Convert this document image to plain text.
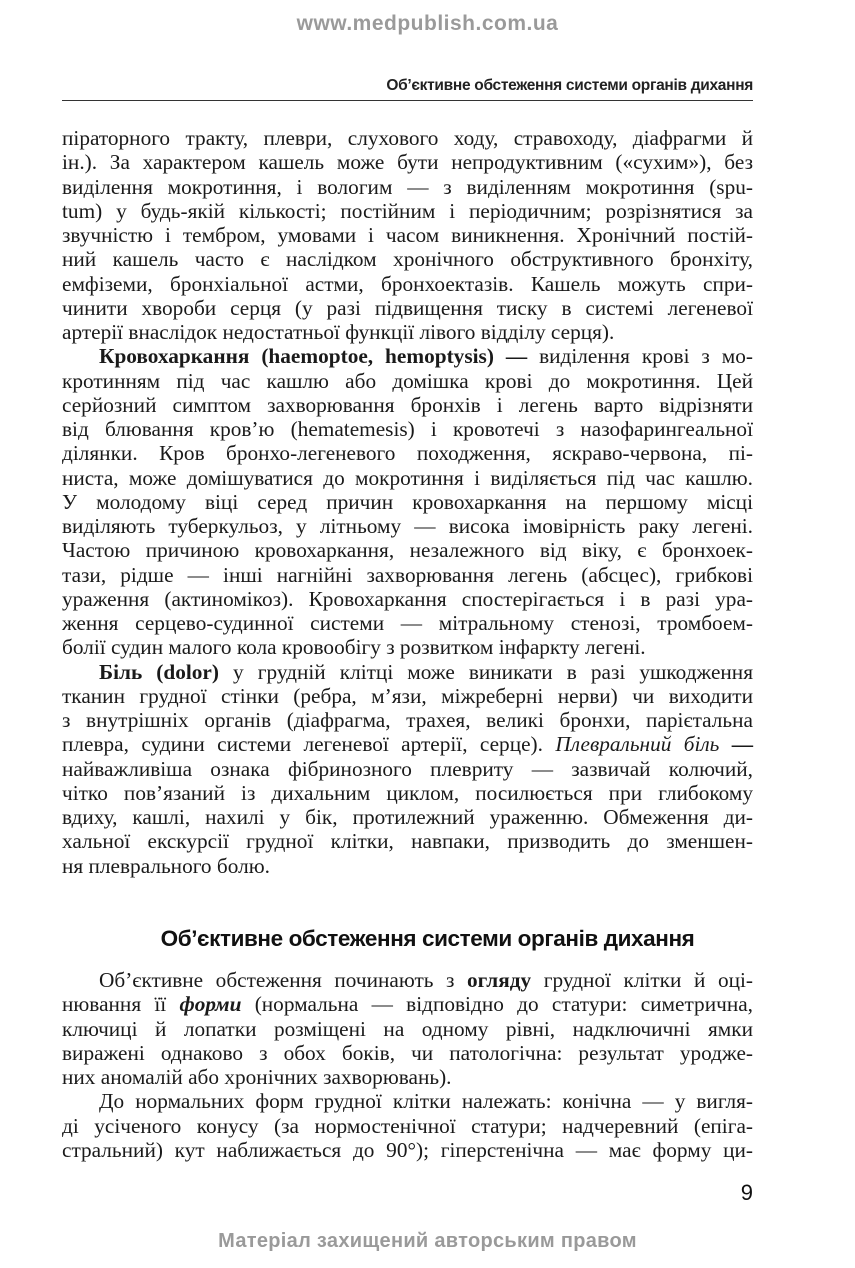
www.medpublish.com.ua
Об’єктивне обстеження системи органів дихання

піраторного тракту, плеври, слухового ходу, стравоходу, діафрагми й
ін.). За характером кашель може бути непродуктивним («сухим»), без
виділення мокротиння, і вологим — з виділенням мокротиння (spu-
tum) у будь-якій кількості; постійним і періодичним; розрізнятися за
звучністю і тембром, умовами і часом виникнення. Хронічний постій-
ний кашель часто є наслідком хронічного обструктивного бронхіту,
емфіземи, бронхіальної астми, бронхоектазів. Кашель можуть спри-
чинити хвороби серця (у разі підвищення тиску в системі легеневої
артерії внаслідок недостатньої функції лівого відділу серця).

Кровохаркання (haemoptoe, hemoptysis) — виділення крові з мо-
кротинням під час кашлю або домішка крові до мокротиння. Цей
серйозний симптом захворювання бронхів і легень варто відрізняти
від блювання кров’ю (hematemesis) і кровотечі з назофарингеальної
ділянки. Кров бронхо-легеневого походження, яскраво-червона, пі-
ниста, може домішуватися до мокротиння і виділяється під час кашлю.
У молодому віці серед причин кровохаркання на першому місці
виділяють туберкульоз, у літньому — висока імовірність раку легені.
Частою причиною кровохаркання, незалежного від віку, є бронхоек-
тази, рідше — інші нагнійні захворювання легень (абсцес), грибкові
ураження (актиномікоз). Кровохаркання спостерігається і в разі ура-
ження серцево-судинної системи — мітральному стенозі, тромбоем-
болії судин малого кола кровообігу з розвитком інфаркту легені.

Біль (dolor) у грудній клітці може виникати в разі ушкодження
тканин грудної стінки (ребра, м’язи, міжреберні нерви) чи виходити
з внутрішніх органів (діафрагма, трахея, великі бронхи, парієтальна
плевра, судини системи легеневої артерії, серце). Плевральний біль —
найважливіша ознака фібринозного плевриту — зазвичай колючий,
чітко пов’язаний із дихальним циклом, посилюється при глибокому
вдиху, кашлі, нахилі у бік, протилежний ураженню. Обмеження ди-
хальної екскурсії грудної клітки, навпаки, призводить до зменшен-
ня плеврального болю.

Об’єктивне обстеження системи органів дихання

Об’єктивне обстеження починають з огляду грудної клітки й оці-
нювання її форми (нормальна — відповідно до статури: симетрична,
ключиці й лопатки розміщені на одному рівні, надключичні ямки
виражені однаково з обох боків, чи патологічна: результат уродже-
них аномалій або хронічних захворювань).

До нормальних форм грудної клітки належать: конічна — у вигля-
ді усіченого конусу (за нормостенічної статури; надчеревний (епіга-
стральний) кут наближається до 90°); гіперстенічна — має форму ци-

9
Матеріал захищений авторським правом
